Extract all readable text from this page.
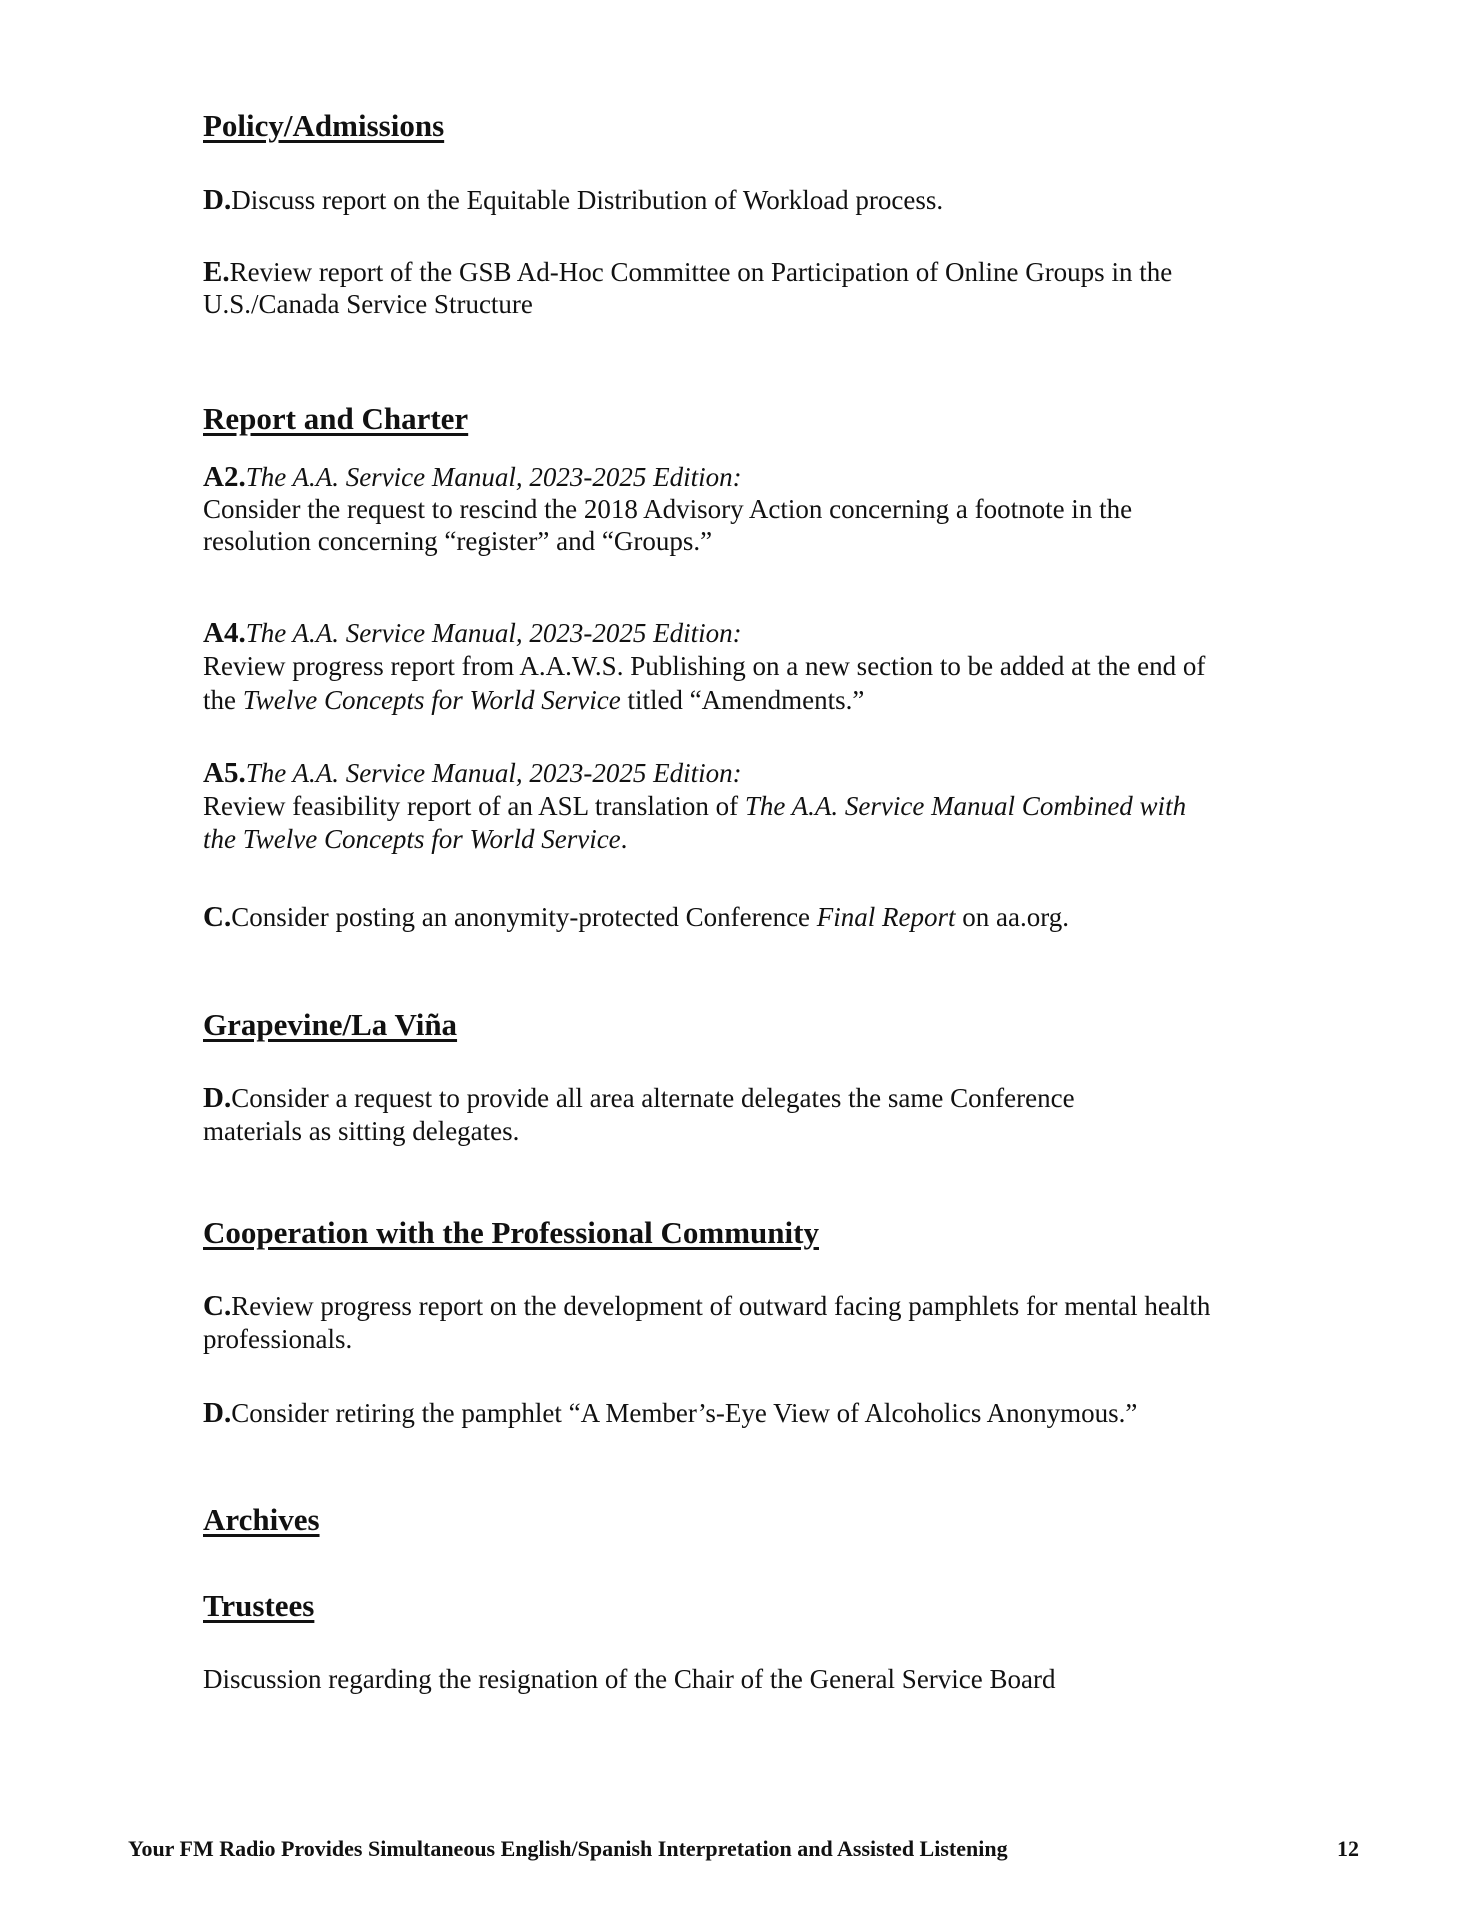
Policy/Admissions
D.Discuss report on the Equitable Distribution of Workload process.
E.Review report of the GSB Ad-Hoc Committee on Participation of Online Groups in the
U.S./Canada Service Structure
Report and Charter
A2.The A.A. Service Manual, 2023-2025 Edition:
Consider the request to rescind the 2018 Advisory Action concerning a footnote in the
resolution concerning “register” and “Groups.”
A4.The A.A. Service Manual, 2023-2025 Edition:
Review progress report from A.A.W.S. Publishing on a new section to be added at the end of
the Twelve Concepts for World Service titled “Amendments.”
A5.The A.A. Service Manual, 2023-2025 Edition:
Review feasibility report of an ASL translation of The A.A. Service Manual Combined with
the Twelve Concepts for World Service.
C.Consider posting an anonymity-protected Conference Final Report on aa.org.
Grapevine/La Viña
D.Consider a request to provide all area alternate delegates the same Conference
materials as sitting delegates.
Cooperation with the Professional Community
C.Review progress report on the development of outward facing pamphlets for mental health
professionals.
D.Consider retiring the pamphlet “A Member’s-Eye View of Alcoholics Anonymous.”
Archives
Trustees
Discussion regarding the resignation of the Chair of the General Service Board
Your FM Radio Provides Simultaneous English/Spanish Interpretation and Assisted Listening	12
